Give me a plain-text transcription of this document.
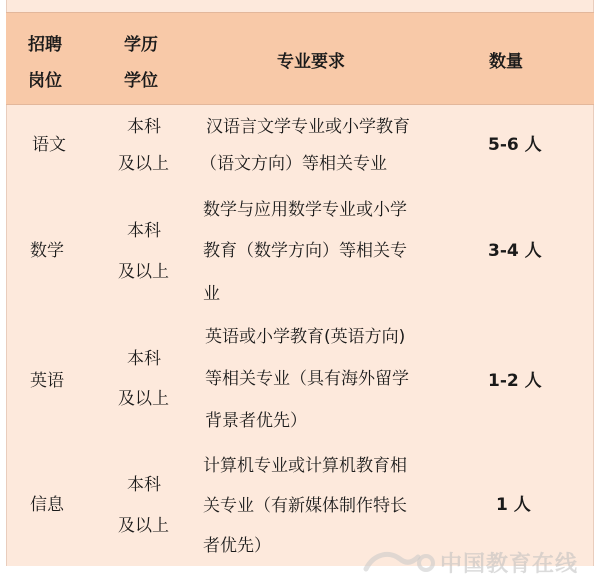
招聘
岗位
学历
学位
专业要求	数量
语文
本科
及以上
汉语言文学专业或小学教育
（语文方向）等相关专业
5-6 人
数学
本科
及以上
数学与应用数学专业或小学
教育（数学方向）等相关专
业
3-4 人
英语
本科
及以上
英语或小学教育(英语方向)
等相关专业（具有海外留学
背景者优先）
1-2 人
信息
本科
及以上
计算机专业或计算机教育相
关专业（有新媒体制作特长
者优先）
1 人
中国教育在线
